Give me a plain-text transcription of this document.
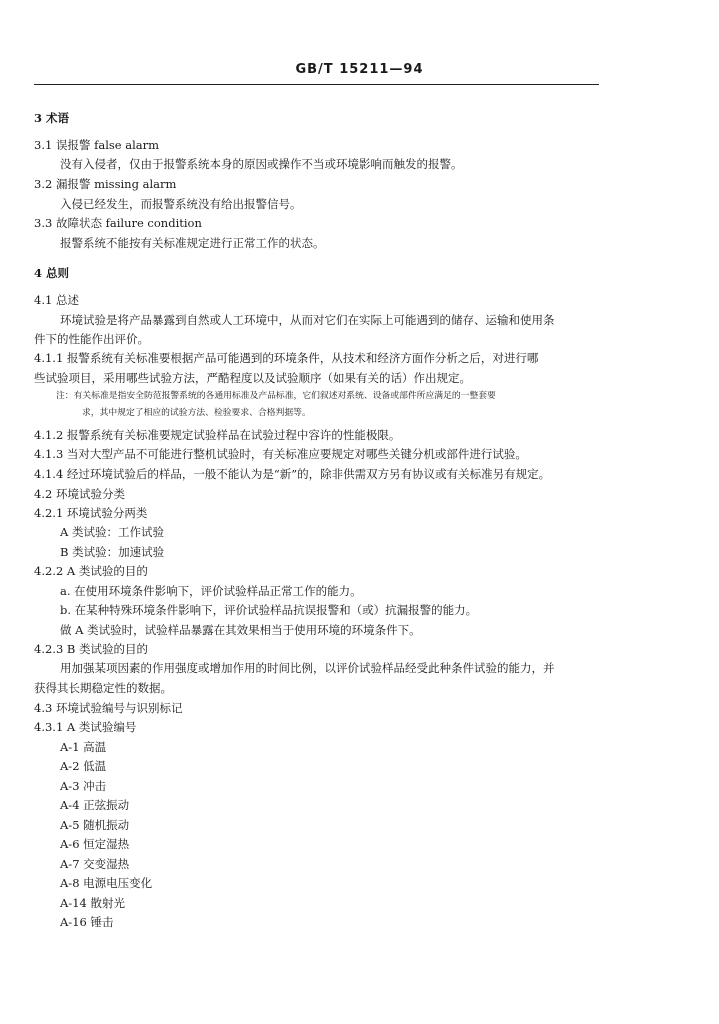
GB/T 15211—94
3 术语
3.1 误报警 false alarm
没有入侵者，仅由于报警系统本身的原因或操作不当或环境影响而触发的报警。
3.2 漏报警 missing alarm
入侵已经发生，而报警系统没有给出报警信号。
3.3 故障状态 failure condition
报警系统不能按有关标准规定进行正常工作的状态。
4 总则
4.1 总述
环境试验是将产品暴露到自然或人工环境中，从而对它们在实际上可能遇到的储存、运输和使用条
件下的性能作出评价。
4.1.1 报警系统有关标准要根据产品可能遇到的环境条件，从技术和经济方面作分析之后，对进行哪
些试验项目，采用哪些试验方法，严酷程度以及试验顺序（如果有关的话）作出规定。
注：有关标准是指安全防范报警系统的各通用标准及产品标准，它们叙述对系统、设备或部件所应满足的一整套要
求，其中规定了相应的试验方法、检验要求、合格判据等。
4.1.2 报警系统有关标准要规定试验样品在试验过程中容许的性能极限。
4.1.3 当对大型产品不可能进行整机试验时，有关标准应要规定对哪些关键分机或部件进行试验。
4.1.4 经过环境试验后的样品，一般不能认为是“新”的，除非供需双方另有协议或有关标准另有规定。
4.2 环境试验分类
4.2.1 环境试验分两类
A 类试验：工作试验
B 类试验：加速试验
4.2.2 A 类试验的目的
a. 在使用环境条件影响下，评价试验样品正常工作的能力。
b. 在某种特殊环境条件影响下，评价试验样品抗误报警和（或）抗漏报警的能力。
做 A 类试验时，试验样品暴露在其效果相当于使用环境的环境条件下。
4.2.3 B 类试验的目的
用加强某项因素的作用强度或增加作用的时间比例，以评价试验样品经受此种条件试验的能力，并
获得其长期稳定性的数据。
4.3 环境试验编号与识别标记
4.3.1 A 类试验编号
A-1 高温
A-2 低温
A-3 冲击
A-4 正弦振动
A-5 随机振动
A-6 恒定湿热
A-7 交变湿热
A-8 电源电压变化
A-14 散射光
A-16 锤击
